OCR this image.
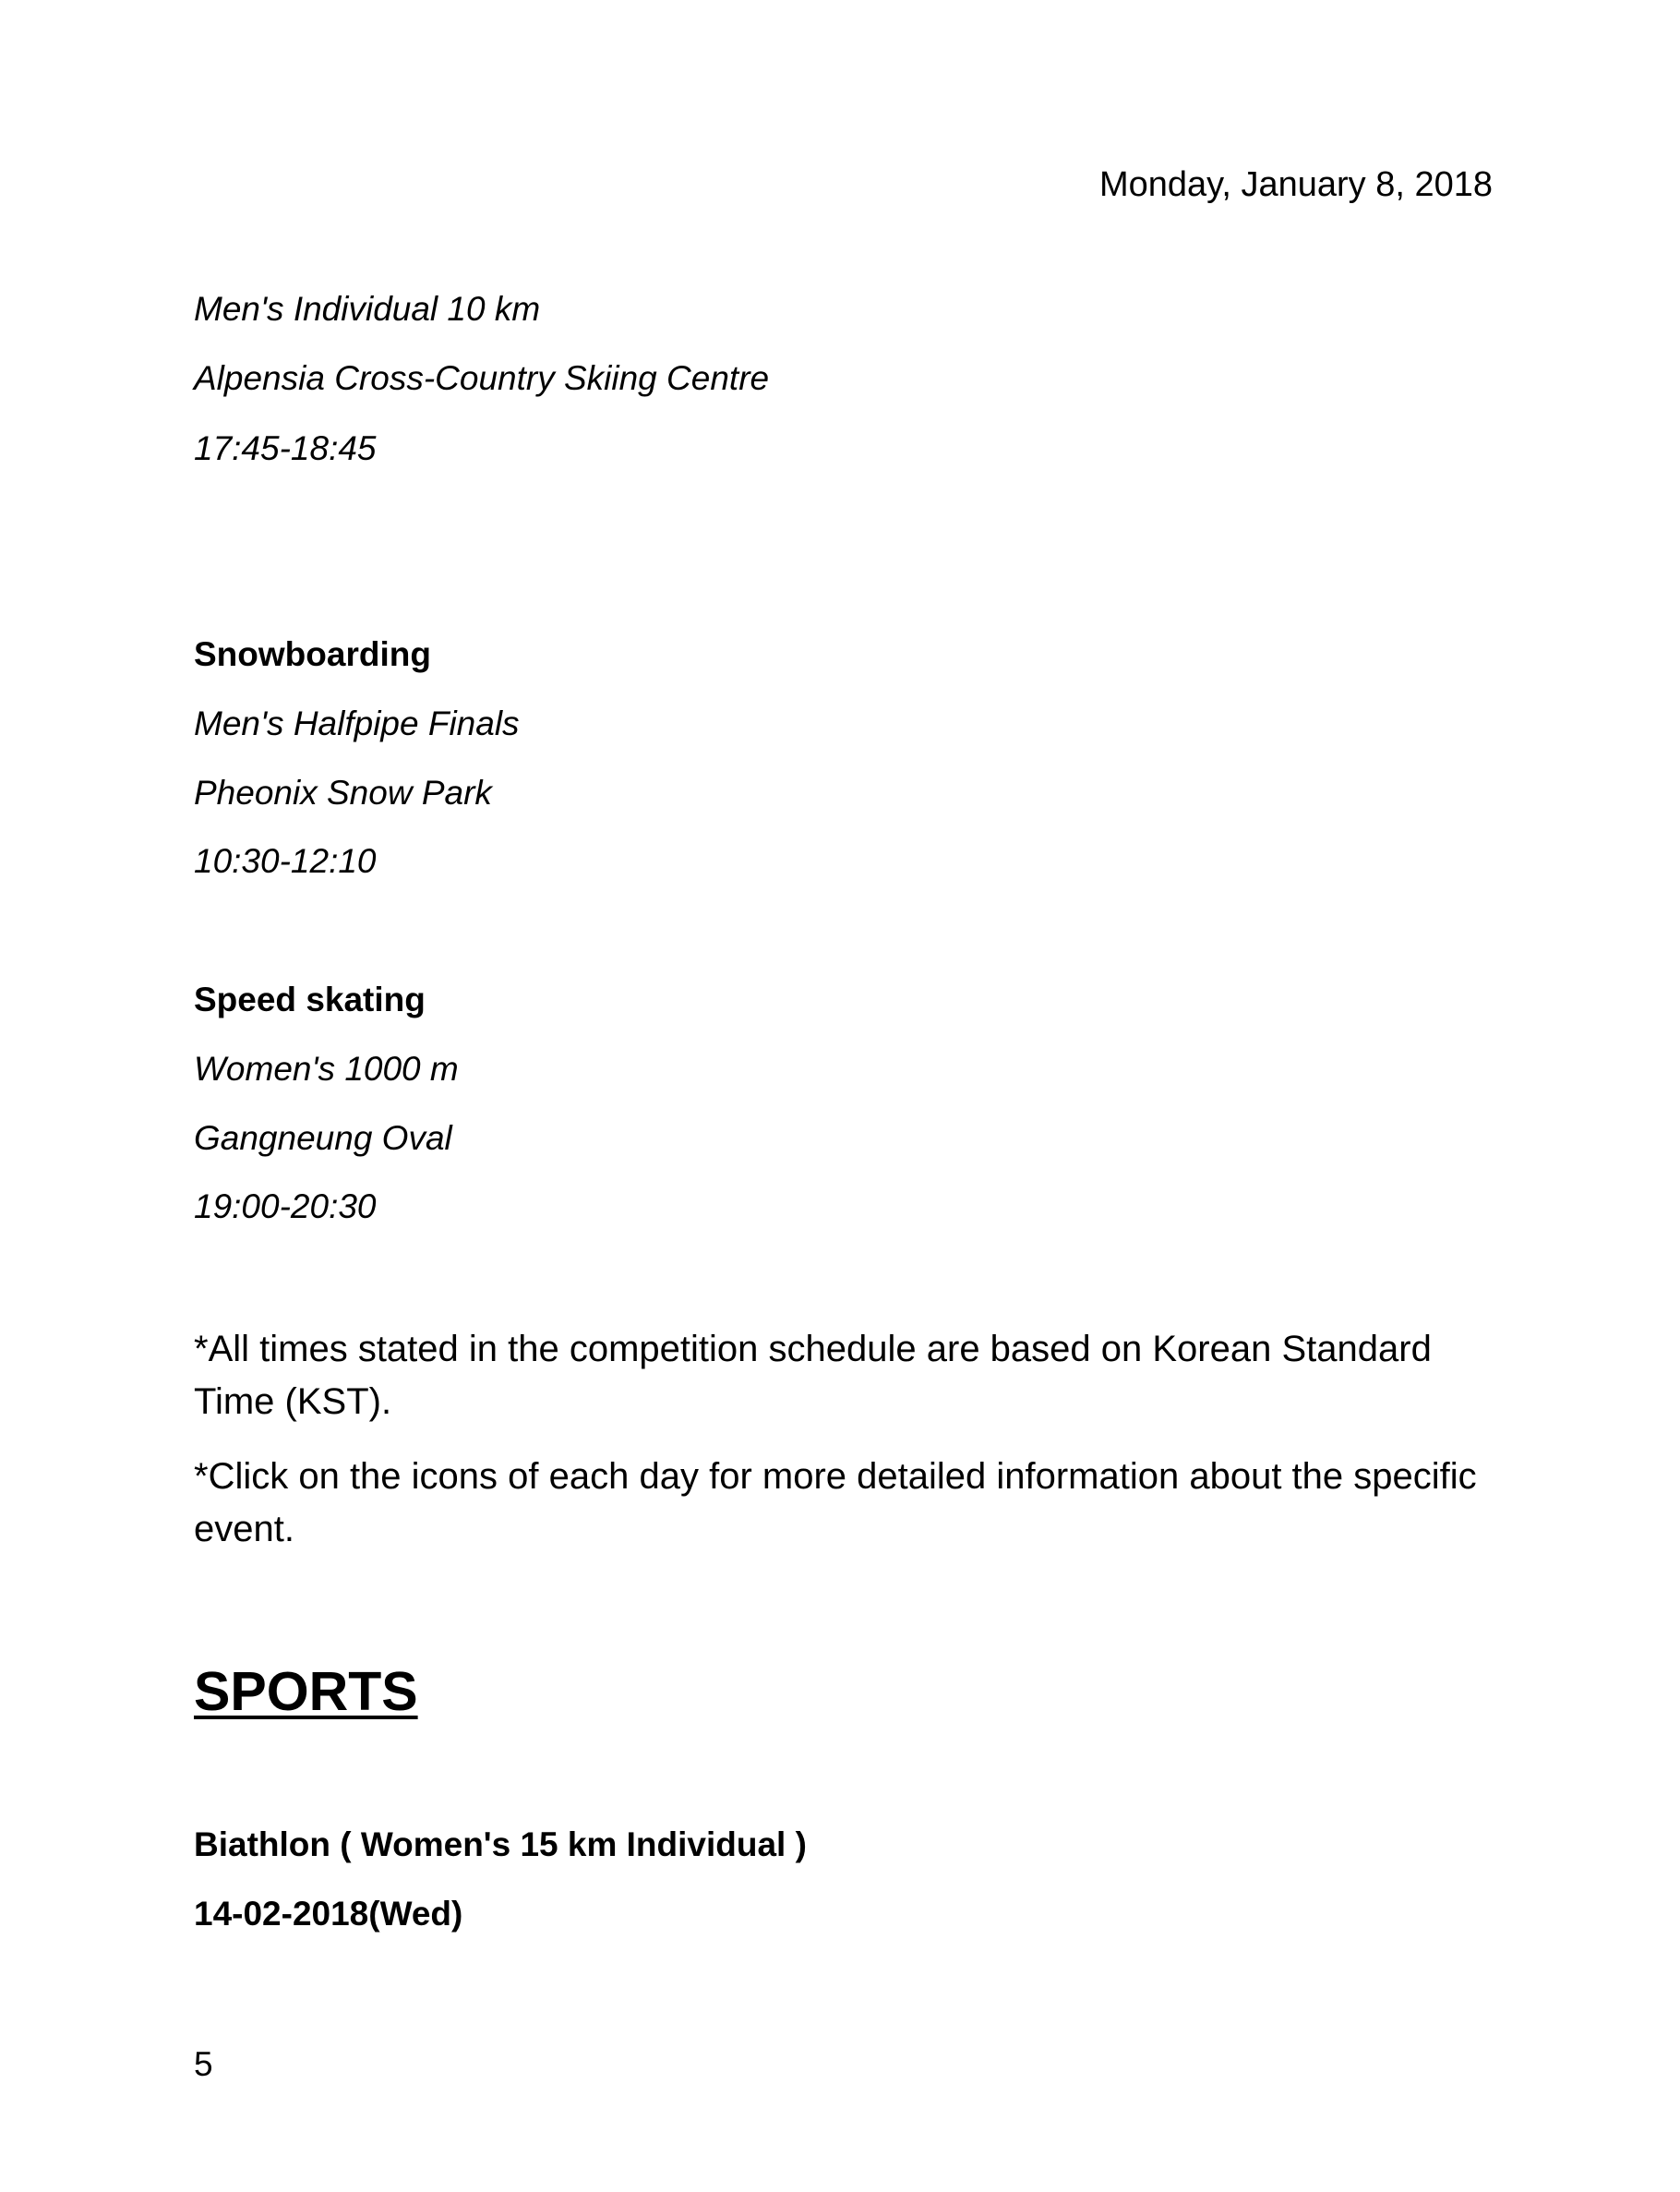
Monday, January 8, 2018
Men's Individual 10 km
Alpensia Cross-Country Skiing Centre
17:45-18:45
Snowboarding
Men's Halfpipe Finals
Pheonix Snow Park
10:30-12:10
Speed skating
Women's 1000 m
Gangneung Oval
19:00-20:30
*All times stated in the competition schedule are based on Korean Standard Time (KST).
*Click on the icons of each day for more detailed information about the specific event.
SPORTS
Biathlon ( Women's 15 km Individual )
14-02-2018(Wed)
5
